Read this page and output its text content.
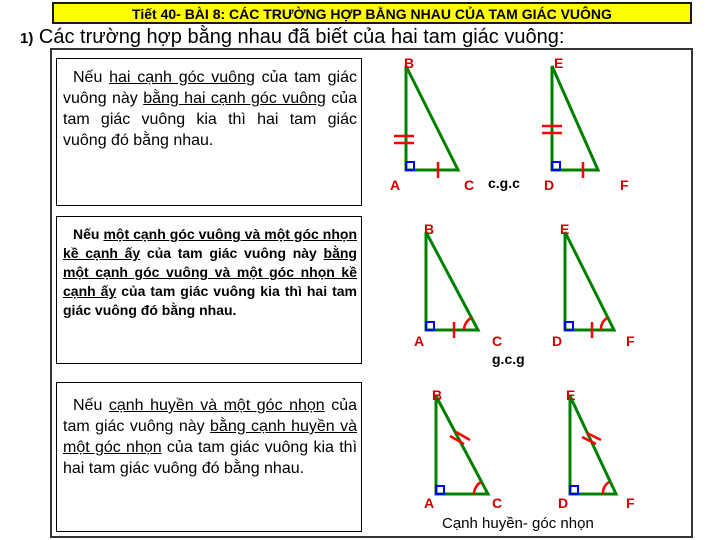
Tiết 40- BÀI 8: CÁC TRƯỜNG HỢP BẰNG NHAU CỦA TAM GIÁC VUÔNG
1) Các trường hợp bằng nhau đã biết của hai tam giác vuông:
Nếu hai cạnh góc vuông của tam giác vuông này bằng hai cạnh góc vuông của tam giác vuông kia thì hai tam giác vuông đó bằng nhau.
Nếu một cạnh góc vuông và một góc nhọn kề cạnh ấy của tam giác vuông này bằng một cạnh góc vuông và một góc nhọn kề cạnh ấy của tam giác vuông kia thì hai tam giác vuông đó bằng nhau.
Nếu cạnh huyền và một góc nhọn của tam giác vuông này bằng cạnh huyền và một góc nhọn của tam giác vuông kia thì hai tam giác vuông đó bằng nhau.
B	E
A	C c.g.c D	F
B	E
A	C
g.c.g
D	F
B	E
A	C	D	F
Cạnh huyền- góc nhọn
